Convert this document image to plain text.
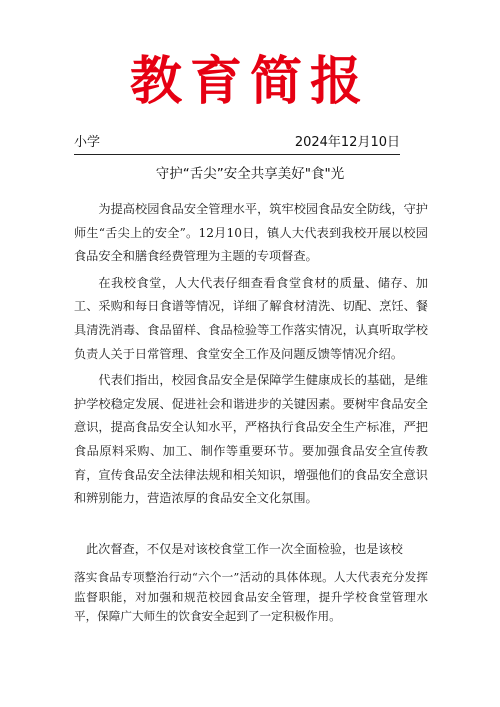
教育简报
小学	2024年12月10日
守护“舌尖”安全共享美好"食"光

为提高校园食品安全管理水平，筑牢校园食品安全防线，守护师生“舌尖上的安全”。12月10日，镇人大代表到我校开展以校园食品安全和膳食经费管理为主题的专项督查。

在我校食堂，人大代表仔细查看食堂食材的质量、储存、加工、采购和每日食谱等情况，详细了解食材清洗、切配、烹饪、餐具清洗消毒、食品留样、食品检验等工作落实情况，认真听取学校负责人关于日常管理、食堂安全工作及问题反馈等情况介绍。

代表们指出，校园食品安全是保障学生健康成长的基础，是维护学校稳定发展、促进社会和谐进步的关键因素。要树牢食品安全意识，提高食品安全认知水平，严格执行食品安全生产标准，严把食品原料采购、加工、制作等重要环节。要加强食品安全宣传教育，宣传食品安全法律法规和相关知识，增强他们的食品安全意识和辨别能力，营造浓厚的食品安全文化氛围。

此次督查，不仅是对该校食堂工作一次全面检验，也是该校
落实食品专项整治行动“六个一”活动的具体体现。人大代表充分发挥监督职能，对加强和规范校园食品安全管理，提升学校食堂管理水平，保障广大师生的饮食安全起到了一定积极作用。
